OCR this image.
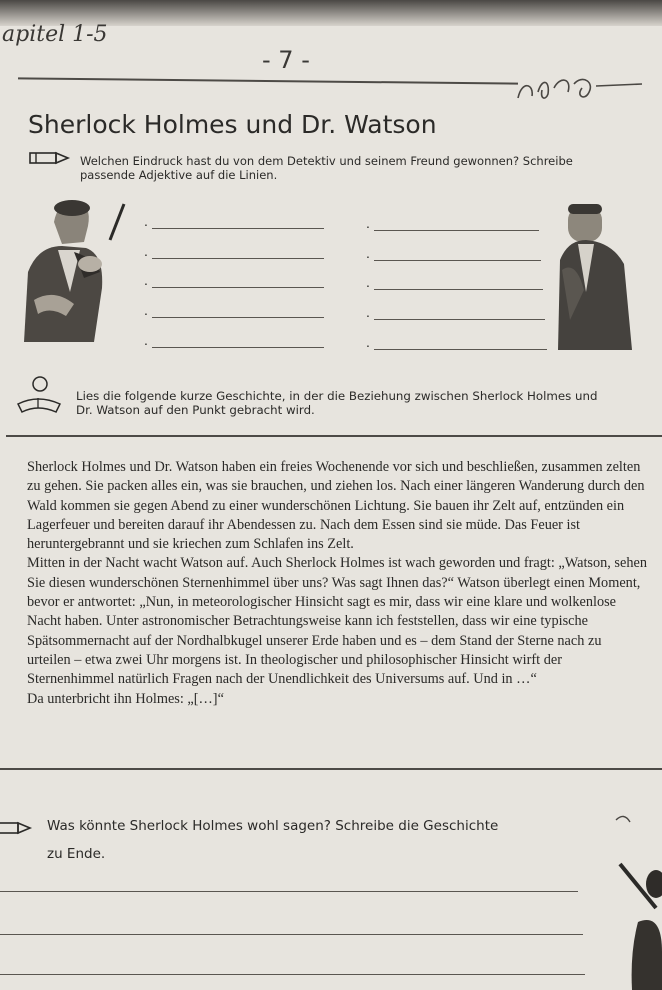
apitel 1-5
- 7 -
Sherlock Holmes und Dr. Watson
Welchen Eindruck hast du von dem Detektiv und seinem Freund gewonnen? Schreibe
passende Adjektive auf die Linien.
.	.
.	.
.	.
.	.
.	.
Lies die folgende kurze Geschichte, in der die Beziehung zwischen Sherlock Holmes und
Dr. Watson auf den Punkt gebracht wird.

Sherlock Holmes und Dr. Watson haben ein freies Wochenende vor sich und beschließen, zusammen zelten zu gehen. Sie packen alles ein, was sie brauchen, und ziehen los. Nach einer längeren Wanderung durch den Wald kommen sie gegen Abend zu einer wunderschönen Lichtung. Sie bauen ihr Zelt auf, entzünden ein Lagerfeuer und bereiten darauf ihr Abendessen zu. Nach dem Essen sind sie müde. Das Feuer ist heruntergebrannt und sie kriechen zum Schlafen ins Zelt.

Mitten in der Nacht wacht Watson auf. Auch Sherlock Holmes ist wach geworden und fragt: „Watson, sehen Sie diesen wunderschönen Sternenhimmel über uns? Was sagt Ihnen das?“ Watson überlegt einen Moment, bevor er antwortet: „Nun, in meteorologischer Hinsicht sagt es mir, dass wir eine klare und wolkenlose Nacht haben. Unter astronomischer Betrachtungsweise kann ich feststellen, dass wir eine typische Spätsommernacht auf der Nordhalbkugel unserer Erde haben und es – dem Stand der Sterne nach zu urteilen – etwa zwei Uhr morgens ist. In theologischer und philosophischer Hinsicht wirft der Sternenhimmel natürlich Fragen nach der Unendlichkeit des Universums auf. Und in …“

Da unterbricht ihn Holmes: „[…]“

Was könnte Sherlock Holmes wohl sagen? Schreibe die Geschichte
zu Ende.
